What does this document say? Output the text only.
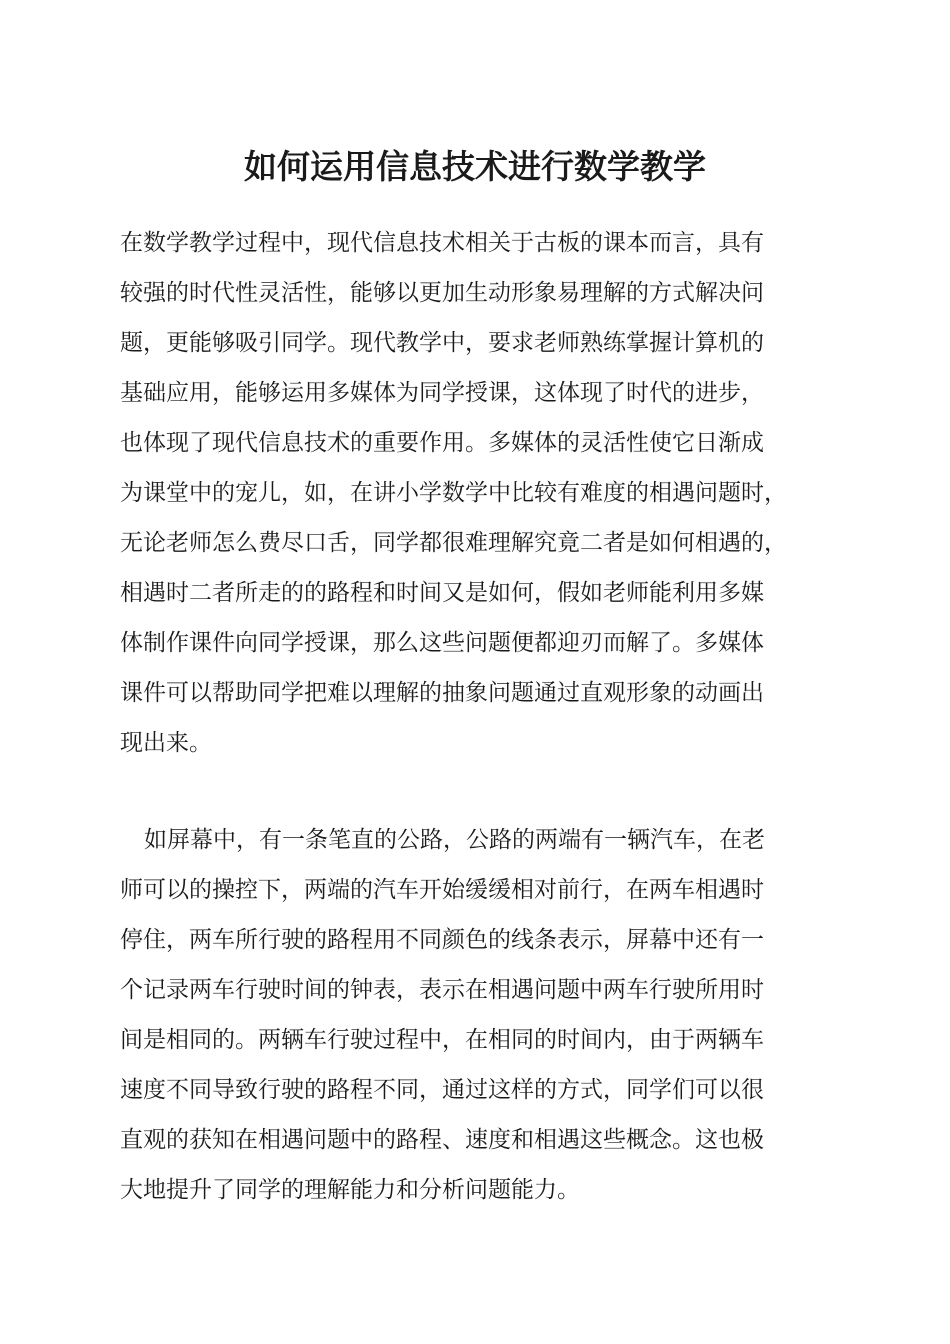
如何运用信息技术进行数学教学
在数学教学过程中，现代信息技术相关于古板的课本而言，具有
较强的时代性灵活性，能够以更加生动形象易理解的方式解决问
题，更能够吸引同学。现代教学中，要求老师熟练掌握计算机的
基础应用，能够运用多媒体为同学授课，这体现了时代的进步，
也体现了现代信息技术的重要作用。多媒体的灵活性使它日渐成
为课堂中的宠儿，如，在讲小学数学中比较有难度的相遇问题时，
无论老师怎么费尽口舌，同学都很难理解究竟二者是如何相遇的，
相遇时二者所走的的路程和时间又是如何，假如老师能利用多媒
体制作课件向同学授课，那么这些问题便都迎刃而解了。多媒体
课件可以帮助同学把难以理解的抽象问题通过直观形象的动画出
现出来。
如屏幕中，有一条笔直的公路，公路的两端有一辆汽车，在老
师可以的操控下，两端的汽车开始缓缓相对前行，在两车相遇时
停住，两车所行驶的路程用不同颜色的线条表示，屏幕中还有一
个记录两车行驶时间的钟表，表示在相遇问题中两车行驶所用时
间是相同的。两辆车行驶过程中，在相同的时间内，由于两辆车
速度不同导致行驶的路程不同，通过这样的方式，同学们可以很
直观的获知在相遇问题中的路程、速度和相遇这些概念。这也极
大地提升了同学的理解能力和分析问题能力。
